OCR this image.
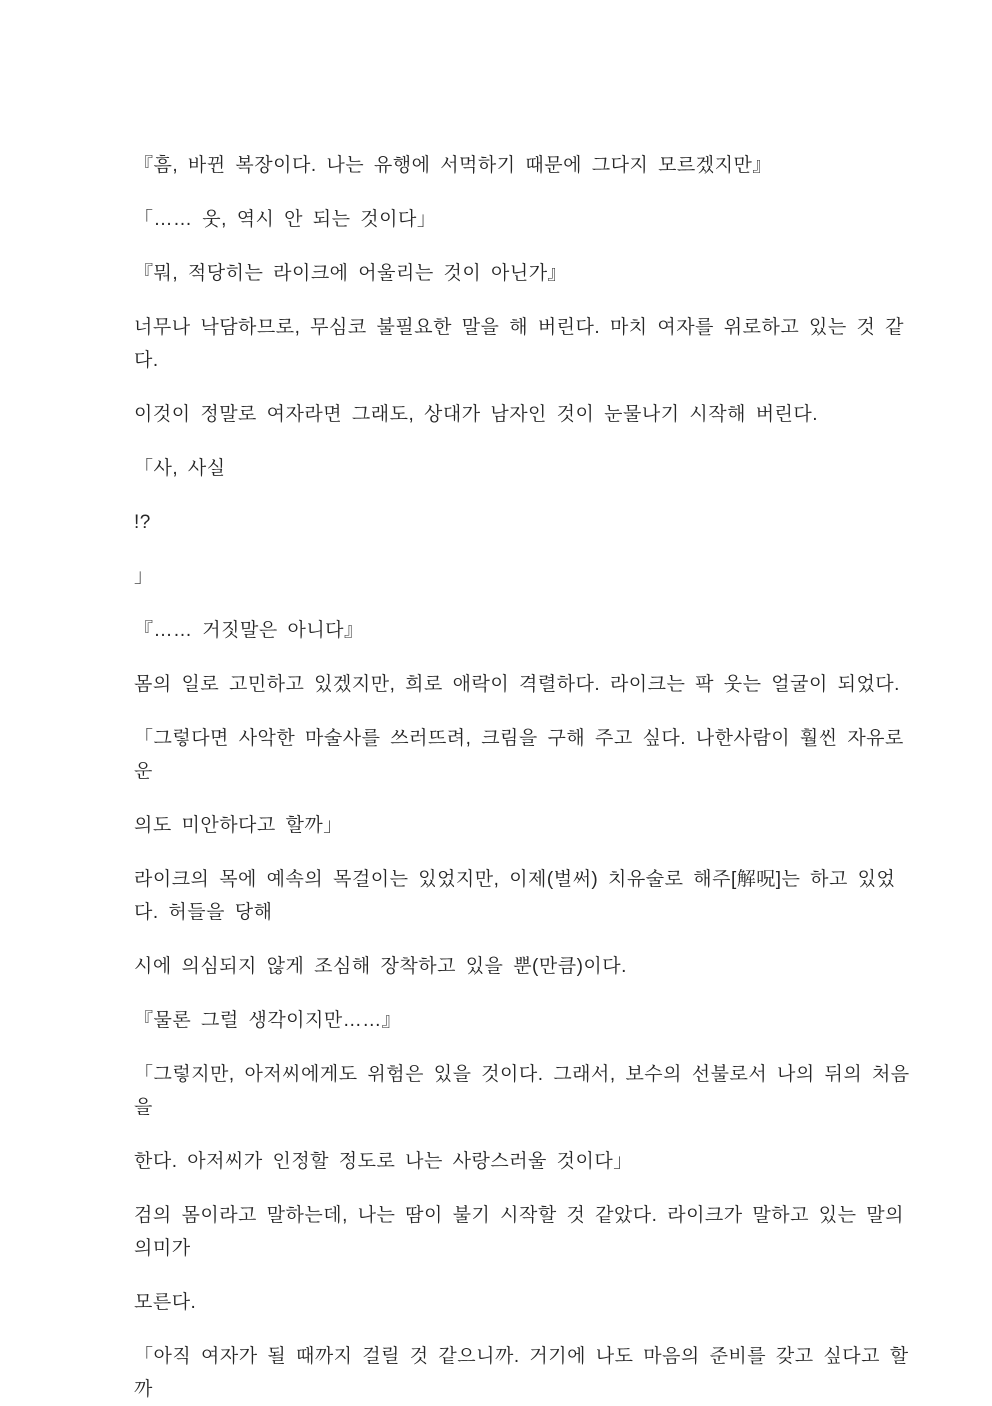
『흠, 바뀐 복장이다. 나는 유행에 서먹하기 때문에 그다지 모르겠지만』

「…… 웃, 역시 안 되는 것이다」

『뭐, 적당히는 라이크에 어울리는 것이 아닌가』

너무나 낙담하므로, 무심코 불필요한 말을 해 버린다. 마치 여자를 위로하고 있는 것 같다.

이것이 정말로 여자라면 그래도, 상대가 남자인 것이 눈물나기 시작해 버린다.

「사, 사실

!?

」

『…… 거짓말은 아니다』

몸의 일로 고민하고 있겠지만, 희로 애락이 격렬하다. 라이크는 팍 웃는 얼굴이 되었다.

「그렇다면 사악한 마술사를 쓰러뜨려, 크림을 구해 주고 싶다. 나한사람이 훨씬 자유로운

의도 미안하다고 할까」

라이크의 목에 예속의 목걸이는 있었지만, 이제(벌써) 치유술로 해주[解呪]는 하고 있었다. 허들을 당해

시에 의심되지 않게 조심해 장착하고 있을 뿐(만큼)이다.

『물론 그럴 생각이지만……』

「그렇지만, 아저씨에게도 위험은 있을 것이다. 그래서, 보수의 선불로서 나의 뒤의 처음을

한다. 아저씨가 인정할 정도로 나는 사랑스러울 것이다」

검의 몸이라고 말하는데, 나는 땀이 불기 시작할 것 같았다. 라이크가 말하고 있는 말의 의미가

모른다.

「아직 여자가 될 때까지 걸릴 것 같으니까. 거기에 나도 마음의 준비를 갖고 싶다고 할까
